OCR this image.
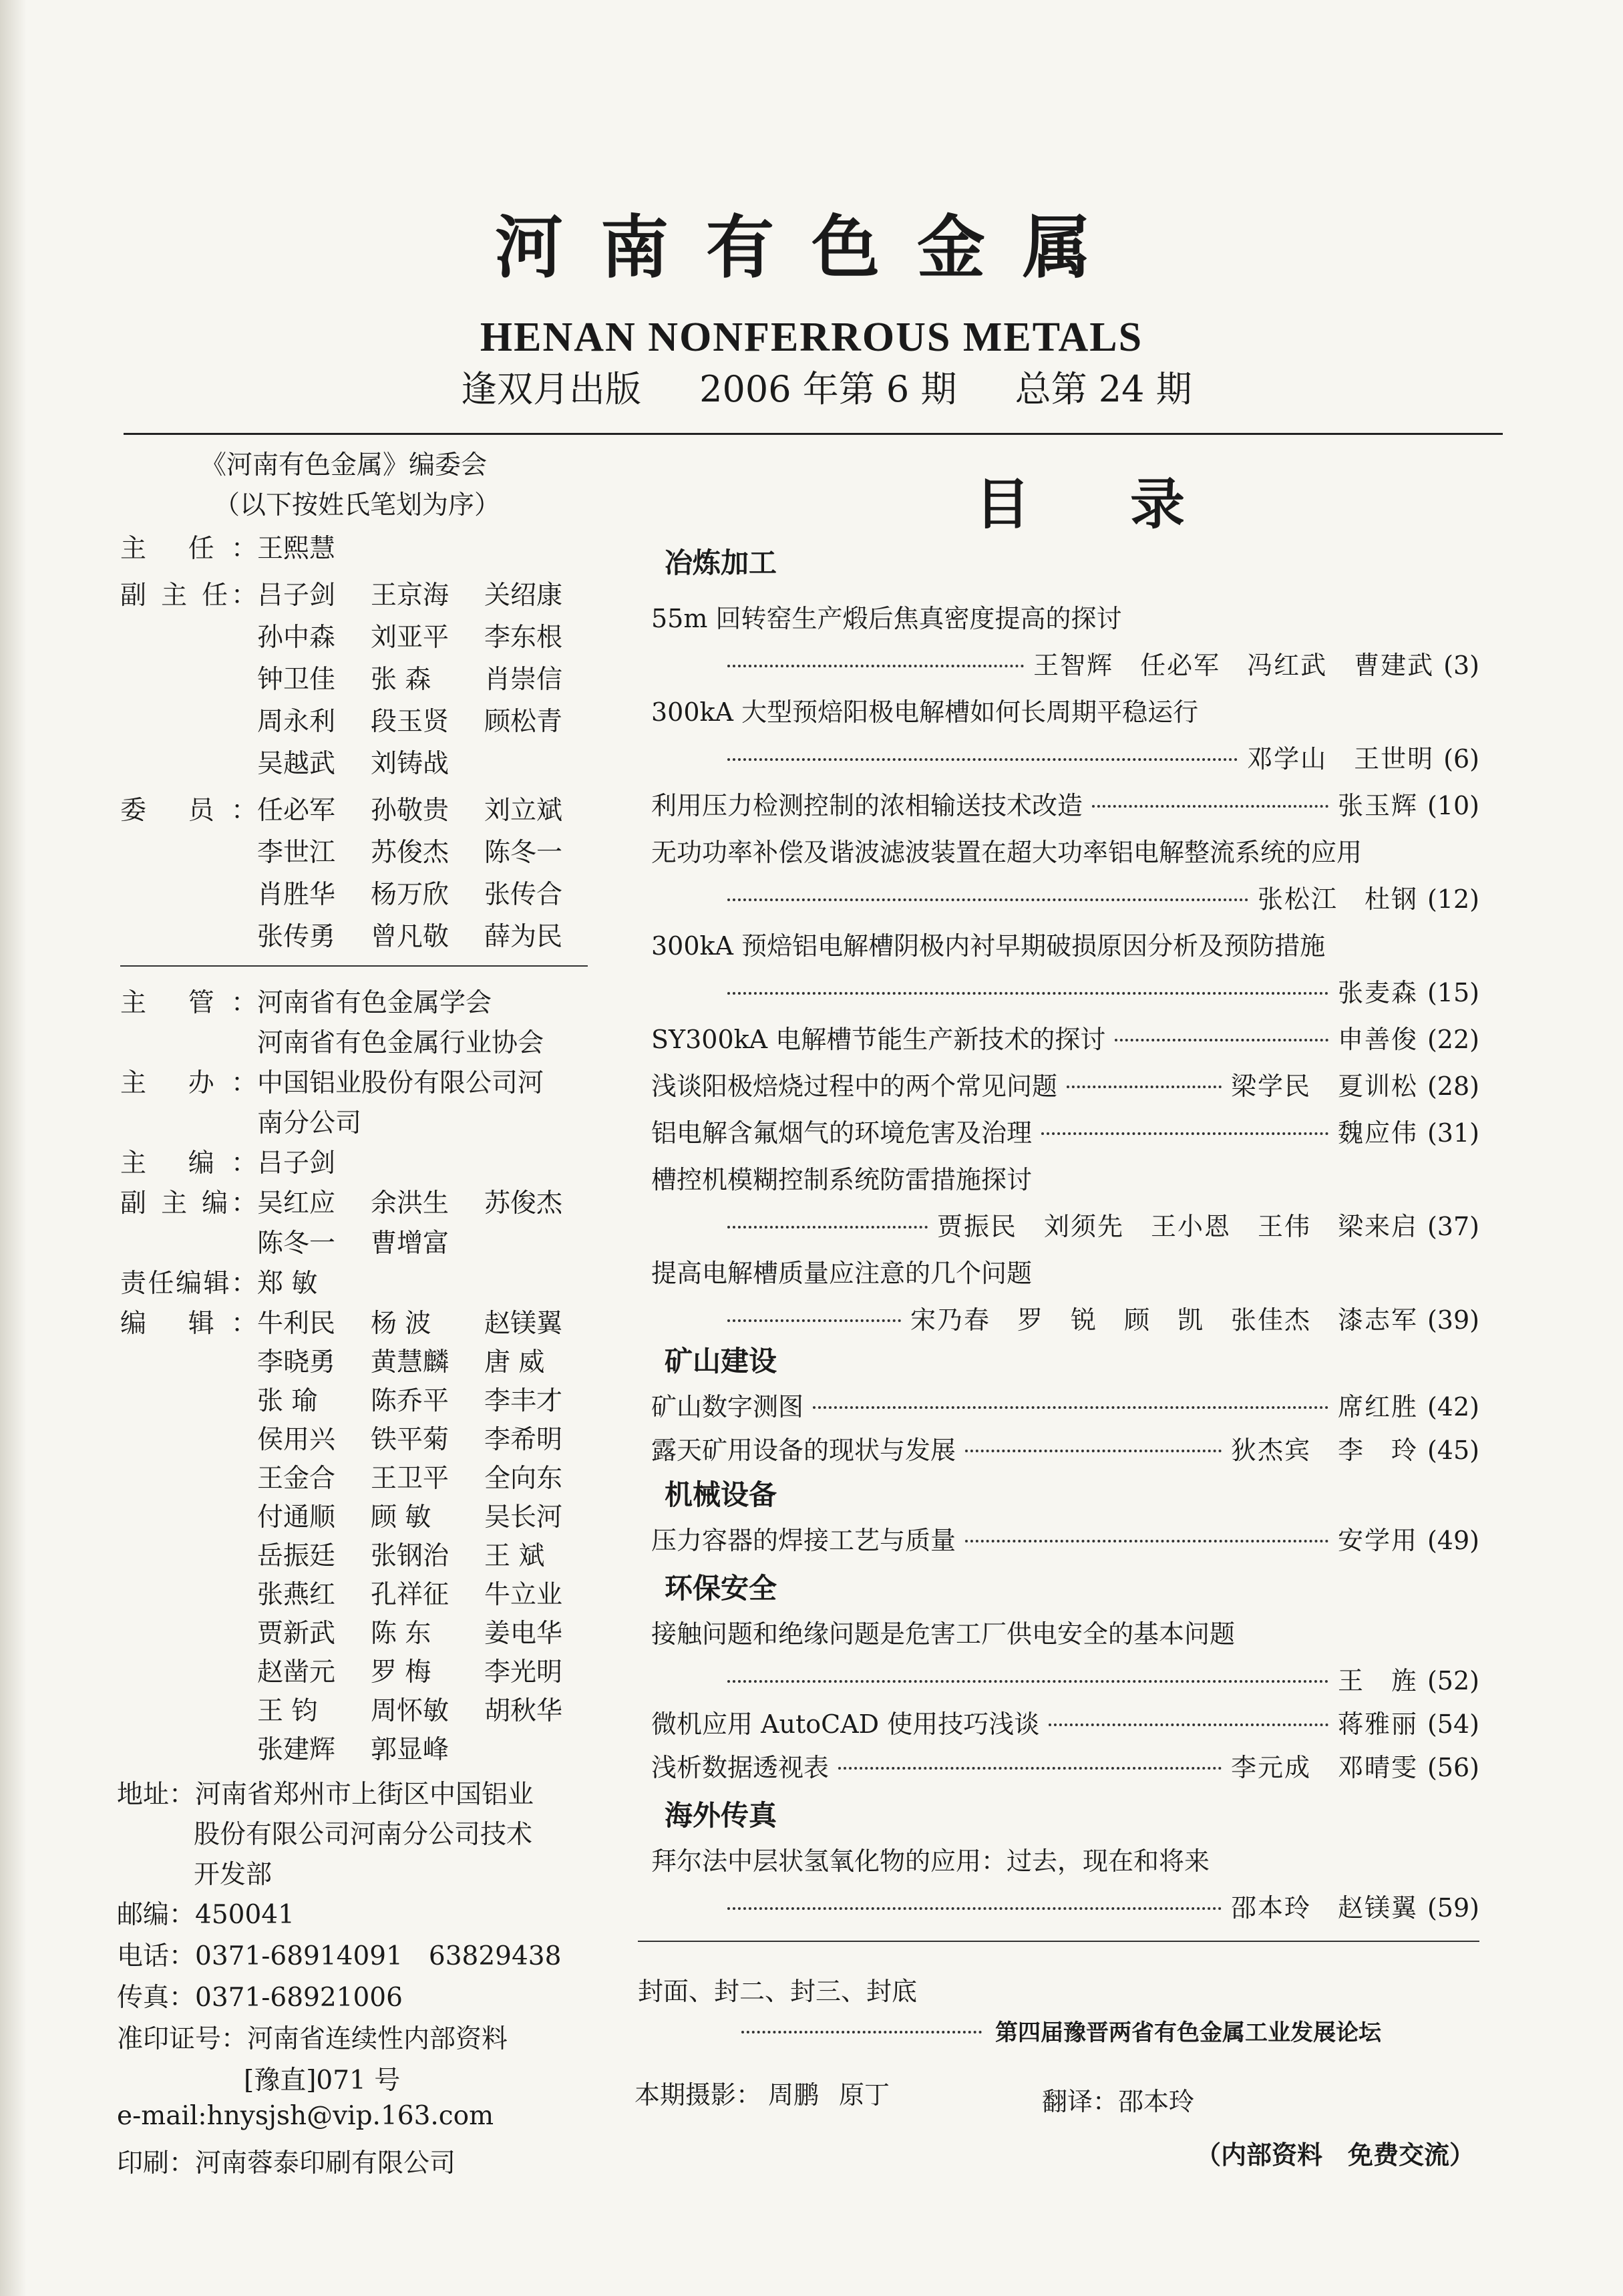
河南有色金属
HENAN NONFERROUS METALS
逢双月出版 2006 年第 6 期 总第 24 期
《河南有色金属》编委会
（以下按姓氏笔划为序）
主 任：王熙慧
副 主 任：吕子剑 王京海 关绍康
孙中森 刘亚平 李东根
钟卫佳 张 森 肖崇信
周永利 段玉贤 顾松青
吴越武 刘铸战
委 员：任必军 孙敬贵 刘立斌
李世江 苏俊杰 陈冬一
肖胜华 杨万欣 张传合
张传勇 曾凡敬 薛为民
主 管：河南省有色金属学会
河南省有色金属行业协会
主 办：中国铝业股份有限公司河
南分公司
主 编：吕子剑
副 主 编：吴红应 余洪生 苏俊杰
陈冬一 曹增富
责任编辑：郑 敏
编 辑：牛利民 杨 波 赵镁翼
李晓勇 黄慧麟 唐 威
张 瑜 陈乔平 李丰才
侯用兴 铁平菊 李希明
王金合 王卫平 全向东
付通顺 顾 敏 吴长河
岳振廷 张钢治 王 斌
张燕红 孔祥征 牛立业
贾新武 陈 东 姜电华
赵凿元 罗 梅 李光明
王 钧 周怀敏 胡秋华
张建辉 郭显峰
地址：河南省郑州市上街区中国铝业
股份有限公司河南分公司技术
开发部
邮编：450041
电话：0371-68914091　63829438
传真：0371-68921006
准印证号：河南省连续性内部资料
[豫直]071 号
e-mail:hnysjsh@vip.163.com
印刷：河南蓉泰印刷有限公司
目录
冶炼加工
55m 回转窑生产煅后焦真密度提高的探讨
王智辉　任必军　冯红武　曹建武 (3)
300kA 大型预焙阳极电解槽如何长周期平稳运行
邓学山　王世明 (6)
利用压力检测控制的浓相输送技术改造	张玉辉 (10)
无功功率补偿及谐波滤波装置在超大功率铝电解整流系统的应用
张松江　杜钢 (12)
300kA 预焙铝电解槽阴极内衬早期破损原因分析及预防措施
张麦森 (15)
SY300kA 电解槽节能生产新技术的探讨	申善俊 (22)
浅谈阳极焙烧过程中的两个常见问题	梁学民　夏训松 (28)
铝电解含氟烟气的环境危害及治理	魏应伟 (31)
槽控机模糊控制系统防雷措施探讨
贾振民　刘须先　王小恩　王伟　梁来启 (37)
提高电解槽质量应注意的几个问题
宋乃春　罗　锐　顾　凯　张佳杰　漆志军 (39)
矿山建设
矿山数字测图	席红胜 (42)
露天矿用设备的现状与发展	狄杰宾　李　玲 (45)
机械设备
压力容器的焊接工艺与质量	安学用 (49)
环保安全
接触问题和绝缘问题是危害工厂供电安全的基本问题
王　旌 (52)
微机应用 AutoCAD 使用技巧浅谈	蒋雅丽 (54)
浅析数据透视表	李元成　邓晴雯 (56)
海外传真
拜尔法中层状氢氧化物的应用：过去，现在和将来
邵本玲　赵镁翼 (59)
封面、封二、封三、封底
第四届豫晋两省有色金属工业发展论坛
本期摄影： 周鹏 原丁	翻译：邵本玲
（内部资料　免费交流）
